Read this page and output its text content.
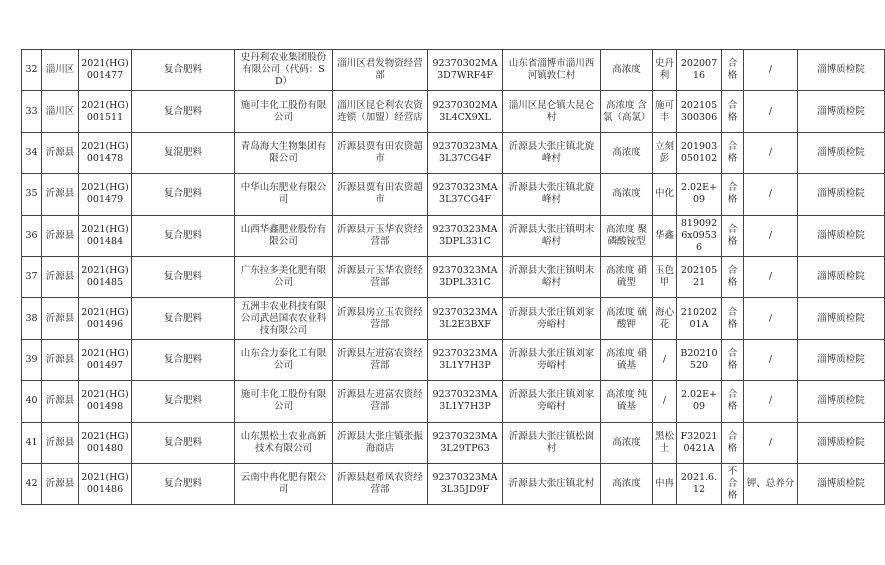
32	淄川区	2021(HG)001477	复合肥料	史丹利农业集团股份有限公司（代码：SD）	淄川区君发物资经营部	92370302MA3D7WRF4F	山东省淄博市淄川西河镇敦仁村	高浓度	史丹利	20200716	合格	/	淄博质检院
33	淄川区	2021(HG)001511	复合肥料	施可丰化工股份有限公司	淄川区昆仑利农农资连锁（加盟）经营店	92370302MA3L4CX9XL	淄川区昆仑镇大昆仑村	高浓度 含氯（高氯）	施可丰	202105300306	合格	/	淄博质检院
34	沂源县	2021(HG)001478	复混肥料	青岛海大生物集团有限公司	沂源县贾有田农资超市	92370323MA3L37CG4F	沂源县大张庄镇北旋峰村	高浓度	立刻彭	201903050102	合格	/	淄博质检院
35	沂源县	2021(HG)001479	复合肥料	中华山东肥业有限公司	沂源县贾有田农资超市	92370323MA3L37CG4F	沂源县大张庄镇北旋峰村	高浓度	中化	2.02E+09	合格	/	淄博质检院
36	沂源县	2021(HG)001484	复合肥料	山西华鑫肥业股份有限公司	沂源县亓玉华农资经营部	92370323MA3DPL331C	沂源县大张庄镇明末峪村	高浓度 聚磷酸铵型	华鑫	8190926x09536	合格	/	淄博质检院
37	沂源县	2021(HG)001485	复合肥料	广东拉多美化肥有限公司	沂源县亓玉华农资经营部	92370323MA3DPL331C	沂源县大张庄镇明末峪村	高浓度 硝硫型	玉色甲	20210521	合格	/	淄博质检院
38	沂源县	2021(HG)001496	复合肥料	五洲丰农业科技有限公司武邑国农农业科技有限公司	沂源县房立玉农资经营部	92370323MA3L2E3BXF	沂源县大张庄镇刘家旁峪村	高浓度 硫酸钾	海心花	21020201A	合格	/	淄博质检院
39	沂源县	2021(HG)001497	复合肥料	山东合力泰化工有限公司	沂源县左进富农资经营部	92370323MA3L1Y7H3P	沂源县大张庄镇刘家旁峪村	高浓度 硝硫基	/	B20210520	合格	/	淄博质检院
40	沂源县	2021(HG)001498	复合肥料	施可丰化工股份有限公司	沂源县左进富农资经营部	92370323MA3L1Y7H3P	沂源县大张庄镇刘家旁峪村	高浓度 纯硫基	/	2.02E+09	合格	/	淄博质检院
41	沂源县	2021(HG)001480	复合肥料	山东黑松土农业高新技术有限公司	沂源县大张庄镇张振海商店	92370323MA3L29TP63	沂源县大张庄镇松崮村	高浓度	黑松土	F320210421A	合格	/	淄博质检院
42	沂源县	2021(HG)001486	复合肥料	云南中冉化肥有限公司	沂源县赵希凤农资经营部	92370323MA3L35JD9F	沂源县大张庄镇北村	高浓度	中冉	2021.6.12	不合格	钾、总养分	淄博质检院
